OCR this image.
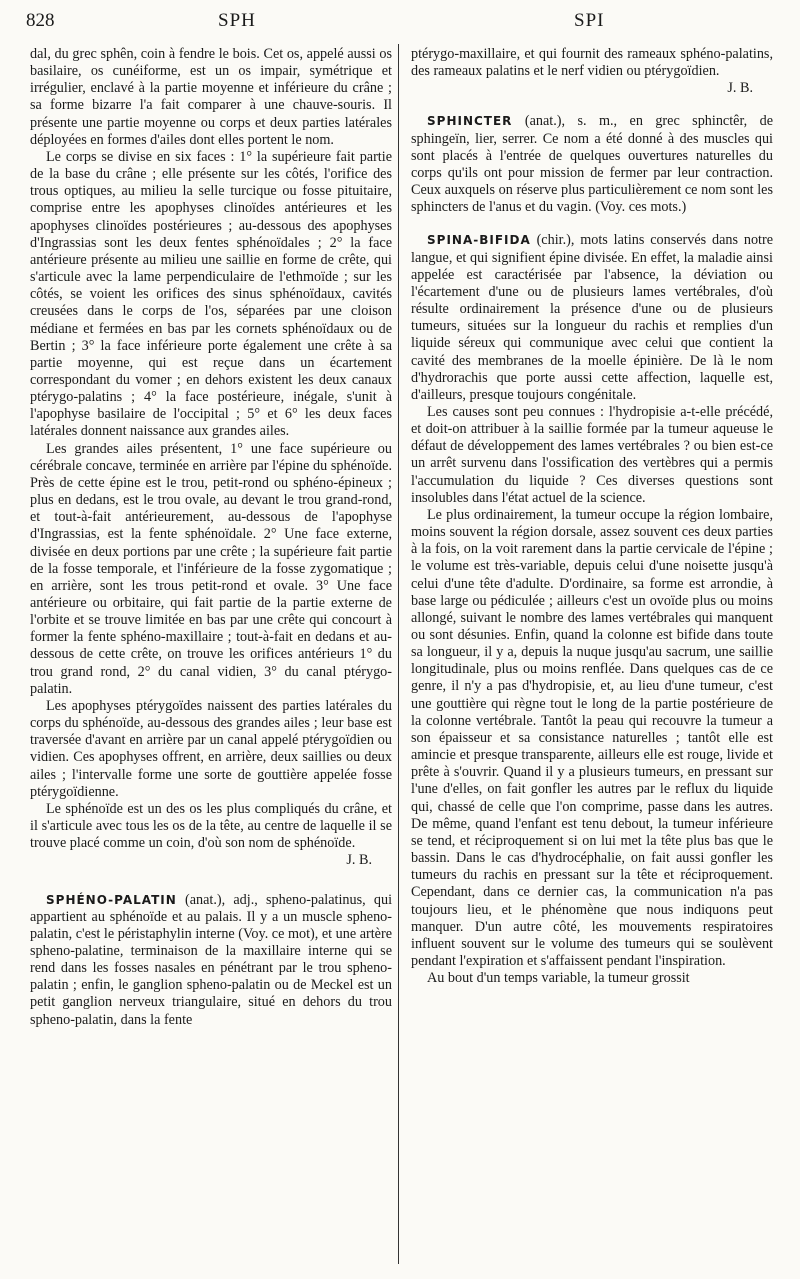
828	SPH	SPI

dal, du grec sphên, coin à fendre le bois. Cet os, appelé aussi os basilaire, os cunéiforme, est un os impair, symétrique et irrégulier, enclavé à la partie moyenne et inférieure du crâne ; sa forme bizarre l'a fait comparer à une chauve-souris. Il présente une partie moyenne ou corps et deux parties latérales déployées en formes d'ailes dont elles portent le nom.

Le corps se divise en six faces : 1° la supérieure fait partie de la base du crâne ; elle présente sur les côtés, l'orifice des trous optiques, au milieu la selle turcique ou fosse pituitaire, comprise entre les apophyses clinoïdes antérieures et les apophyses clinoïdes postérieures ; au-dessous des apophyses d'Ingrassias sont les deux fentes sphénoïdales ; 2° la face antérieure présente au milieu une saillie en forme de crête, qui s'articule avec la lame perpendiculaire de l'ethmoïde ; sur les côtés, se voient les orifices des sinus sphénoïdaux, cavités creusées dans le corps de l'os, séparées par une cloison médiane et fermées en bas par les cornets sphénoïdaux ou de Bertin ; 3° la face inférieure porte également une crête à sa partie moyenne, qui est reçue dans un écartement correspondant du vomer ; en dehors existent les deux canaux ptérygo-palatins ; 4° la face postérieure, inégale, s'unit à l'apophyse basilaire de l'occipital ; 5° et 6° les deux faces latérales donnent naissance aux grandes ailes.

Les grandes ailes présentent, 1° une face supérieure ou cérébrale concave, terminée en arrière par l'épine du sphénoïde. Près de cette épine est le trou, petit-rond ou sphéno-épineux ; plus en dedans, est le trou ovale, au devant le trou grand-rond, et tout-à-fait antérieurement, au-dessous de l'apophyse d'Ingrassias, est la fente sphénoïdale. 2° Une face externe, divisée en deux portions par une crête ; la supérieure fait partie de la fosse temporale, et l'inférieure de la fosse zygomatique ; en arrière, sont les trous petit-rond et ovale. 3° Une face antérieure ou orbitaire, qui fait partie de la partie externe de l'orbite et se trouve limitée en bas par une crête qui concourt à former la fente sphéno-maxillaire ; tout-à-fait en dedans et au-dessous de cette crête, on trouve les orifices antérieurs 1° du trou grand rond, 2° du canal vidien, 3° du canal ptérygo-palatin.

Les apophyses ptérygoïdes naissent des parties latérales du corps du sphénoïde, au-dessous des grandes ailes ; leur base est traversée d'avant en arrière par un canal appelé ptérygoïdien ou vidien. Ces apophyses offrent, en arrière, deux saillies ou deux ailes ; l'intervalle forme une sorte de gouttière appelée fosse ptérygoïdienne.

Le sphénoïde est un des os les plus compliqués du crâne, et il s'articule avec tous les os de la tête, au centre de laquelle il se trouve placé comme un coin, d'où son nom de sphénoïde.

J. B.

SPHÉNO-PALATIN (anat.), adj., spheno-palatinus, qui appartient au sphénoïde et au palais. Il y a un muscle spheno-palatin, c'est le péristaphylin interne (Voy. ce mot), et une artère spheno-palatine, terminaison de la maxillaire interne qui se rend dans les fosses nasales en pénétrant par le trou spheno-palatin ; enfin, le ganglion spheno-palatin ou de Meckel est un petit ganglion nerveux triangulaire, situé en dehors du trou spheno-palatin, dans la fente

ptérygo-maxillaire, et qui fournit des rameaux sphéno-palatins, des rameaux palatins et le nerf vidien ou ptérygoïdien.

J. B.

SPHINCTER (anat.), s. m., en grec sphinctêr, de sphingeïn, lier, serrer. Ce nom a été donné à des muscles qui sont placés à l'entrée de quelques ouvertures naturelles du corps qu'ils ont pour mission de fermer par leur contraction. Ceux auxquels on réserve plus particulièrement ce nom sont les sphincters de l'anus et du vagin. (Voy. ces mots.)

SPINA-BIFIDA (chir.), mots latins conservés dans notre langue, et qui signifient épine divisée. En effet, la maladie ainsi appelée est caractérisée par l'absence, la déviation ou l'écartement d'une ou de plusieurs lames vertébrales, d'où résulte ordinairement la présence d'une ou de plusieurs tumeurs, situées sur la longueur du rachis et remplies d'un liquide séreux qui communique avec celui que contient la cavité des membranes de la moelle épinière. De là le nom d'hydrorachis que porte aussi cette affection, laquelle est, d'ailleurs, presque toujours congénitale.

Les causes sont peu connues : l'hydropisie a-t-elle précédé, et doit-on attribuer à la saillie formée par la tumeur aqueuse le défaut de développement des lames vertébrales ? ou bien est-ce un arrêt survenu dans l'ossification des vertèbres qui a permis l'accumulation du liquide ? Ces diverses questions sont insolubles dans l'état actuel de la science.

Le plus ordinairement, la tumeur occupe la région lombaire, moins souvent la région dorsale, assez souvent ces deux parties à la fois, on la voit rarement dans la partie cervicale de l'épine ; le volume est très-variable, depuis celui d'une noisette jusqu'à celui d'une tête d'adulte. D'ordinaire, sa forme est arrondie, à base large ou pédiculée ; ailleurs c'est un ovoïde plus ou moins allongé, suivant le nombre des lames vertébrales qui manquent ou sont désunies. Enfin, quand la colonne est bifide dans toute sa longueur, il y a, depuis la nuque jusqu'au sacrum, une saillie longitudinale, plus ou moins renflée. Dans quelques cas de ce genre, il n'y a pas d'hydropisie, et, au lieu d'une tumeur, c'est une gouttière qui règne tout le long de la partie postérieure de la colonne vertébrale. Tantôt la peau qui recouvre la tumeur a son épaisseur et sa consistance naturelles ; tantôt elle est amincie et presque transparente, ailleurs elle est rouge, livide et prête à s'ouvrir. Quand il y a plusieurs tumeurs, en pressant sur l'une d'elles, on fait gonfler les autres par le reflux du liquide qui, chassé de celle que l'on comprime, passe dans les autres. De même, quand l'enfant est tenu debout, la tumeur inférieure se tend, et réciproquement si on lui met la tête plus bas que le bassin. Dans le cas d'hydrocéphalie, on fait aussi gonfler les tumeurs du rachis en pressant sur la tête et réciproquement. Cependant, dans ce dernier cas, la communication n'a pas toujours lieu, et le phénomène que nous indiquons peut manquer. D'un autre côté, les mouvements respiratoires influent souvent sur le volume des tumeurs qui se soulèvent pendant l'expiration et s'affaissent pendant l'inspiration.

Au bout d'un temps variable, la tumeur grossit
